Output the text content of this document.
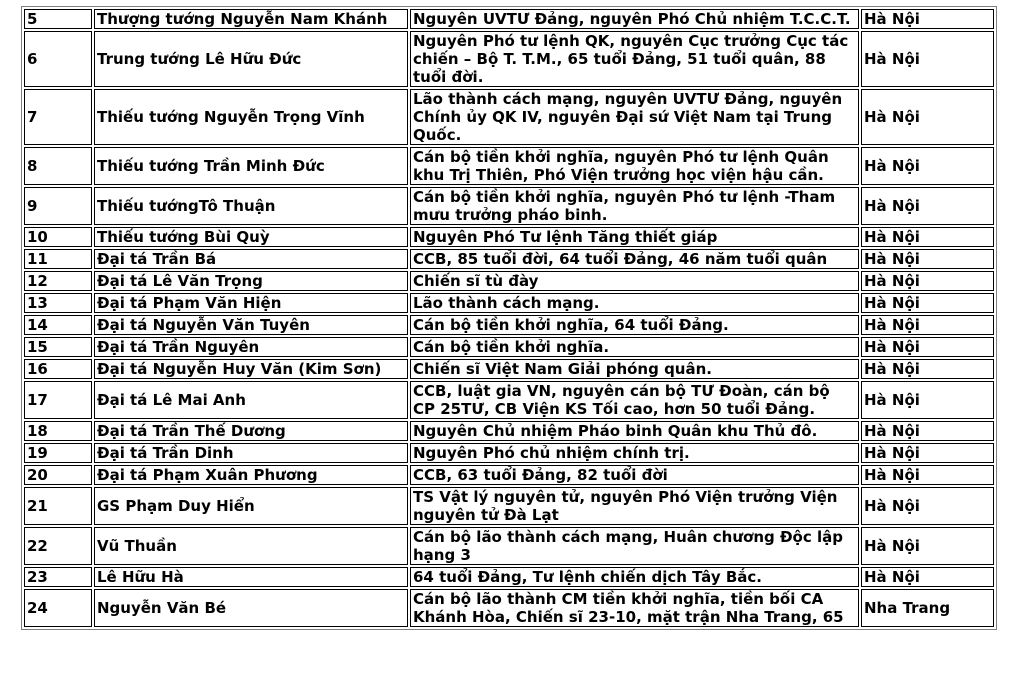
5	Thượng tướng Nguyễn Nam Khánh	Nguyên UVTƯ Đảng, nguyên Phó Chủ nhiệm T.C.C.T.	Hà Nội
6	Trung tướng Lê Hữu Đức	Nguyên Phó tư lệnh QK, nguyên Cục trưởng Cục tác chiến – Bộ T. T.M., 65 tuổi Đảng, 51 tuổi quân, 88 tuổi đời.	Hà Nội
7	Thiếu tướng Nguyễn Trọng Vĩnh	Lão thành cách mạng, nguyên UVTƯ Đảng, nguyên Chính ủy QK IV, nguyên Đại sứ Việt Nam tại Trung Quốc.	Hà Nội
8	Thiếu tướng Trần Minh Đức	Cán bộ tiền khởi nghĩa, nguyên Phó tư lệnh Quân khu Trị Thiên, Phó Viện trưởng học viện hậu cần.	Hà Nội
9	Thiếu tướngTô Thuận	Cán bộ tiền khởi nghĩa, nguyên Phó tư lệnh -Tham mưu trưởng pháo binh.	Hà Nội
10	Thiếu tướng Bùi Quỳ	Nguyên Phó Tư lệnh Tăng thiết giáp	Hà Nội
11	Đại tá Trần Bá	CCB, 85 tuổi đời, 64 tuổi Đảng, 46 năm tuổi quân	Hà Nội
12	Đại tá Lê Văn Trọng	Chiến sĩ tù đày	Hà Nội
13	Đại tá Phạm Văn Hiện	Lão thành cách mạng.	Hà Nội
14	Đại tá Nguyễn Văn Tuyên	Cán bộ tiền khởi nghĩa, 64 tuổi Đảng.	Hà Nội
15	Đại tá Trần Nguyên	Cán bộ tiền khởi nghĩa.	Hà Nội
16	Đại tá Nguyễn Huy Văn (Kim Sơn)	Chiến sĩ Việt Nam Giải phóng quân.	Hà Nội
17	Đại tá Lê Mai Anh	CCB, luật gia VN, nguyên cán bộ TƯ Đoàn, cán bộ CP 25TƯ, CB Viện KS Tối cao, hơn 50 tuổi Đảng.	Hà Nội
18	Đại tá Trần Thế Dương	Nguyên Chủ nhiệm Pháo binh Quân khu Thủ đô.	Hà Nội
19	Đại tá Trần Dinh	Nguyên Phó chủ nhiệm chính trị.	Hà Nội
20	Đại tá Phạm Xuân Phương	CCB, 63 tuổi Đảng, 82 tuổi đời	Hà Nội
21	GS Phạm Duy Hiển	TS Vật lý nguyên tử, nguyên Phó Viện trưởng Viện nguyên tử Đà Lạt	Hà Nội
22	Vũ Thuần	Cán bộ lão thành cách mạng, Huân chương Độc lập hạng 3	Hà Nội
23	Lê Hữu Hà	64 tuổi Đảng, Tư lệnh chiến dịch Tây Bắc.	Hà Nội
24	Nguyễn Văn Bé	Cán bộ lão thành CM tiền khởi nghĩa, tiền bối CA Khánh Hòa, Chiến sĩ 23-10, mặt trận Nha Trang, 65	Nha Trang
